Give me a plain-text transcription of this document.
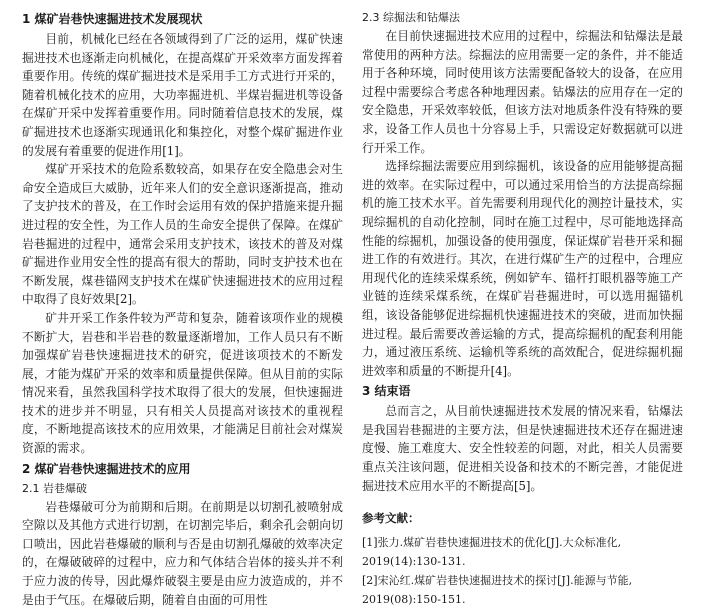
1 煤矿岩巷快速掘进技术发展现状

目前，机械化已经在各领域得到了广泛的运用，煤矿快速掘进技术也逐渐走向机械化，在提高煤矿开采效率方面发挥着重要作用。传统的煤矿掘进技术是采用手工方式进行开采的，随着机械化技术的应用，大功率掘进机、半煤岩掘进机等设备在煤矿开采中发挥着重要作用。同时随着信息技术的发展，煤矿掘进技术也逐渐实现通讯化和集控化，对整个煤矿掘进作业的发展有着重要的促进作用[1]。

煤矿开采技术的危险系数较高，如果存在安全隐患会对生命安全造成巨大威胁，近年来人们的安全意识逐渐提高，推动了支护技术的普及，在工作时会运用有效的保护措施来提升掘进过程的安全性，为工作人员的生命安全提供了保障。在煤矿岩巷掘进的过程中，通常会采用支护技术，该技术的普及对煤矿掘进作业用安全性的提高有很大的帮助，同时支护技术也在不断发展，煤巷锚网支护技术在煤矿快速掘进技术的应用过程中取得了良好效果[2]。

矿井开采工作条件较为严苛和复杂，随着该项作业的规模不断扩大，岩巷和半岩巷的数量逐渐增加，工作人员只有不断加强煤矿岩巷快速掘进技术的研究，促进该项技术的不断发展，才能为煤矿开采的效率和质量提供保障。但从目前的实际情况来看，虽然我国科学技术取得了很大的发展，但快速掘进技术的进步并不明显，只有相关人员提高对该技术的重视程度，不断地提高该技术的应用效果，才能满足目前社会对煤炭资源的需求。

2 煤矿岩巷快速掘进技术的应用
2.1 岩巷爆破

岩巷爆破可分为前期和后期。在前期是以切割孔被喷射成空隙以及其他方式进行切割，在切割完毕后，剩余孔会朝向切口喷出，因此岩巷爆破的顺利与否是由切割孔爆破的效率决定的，在爆破破碎的过程中，应力和气体结合岩体的接头并不利于应力波的传导，因此爆炸破裂主要是由应力波造成的，并不是由于气压。在爆破后期，随着自由面的可用性

2.3 综掘法和钻爆法

在目前快速掘进技术应用的过程中，综掘法和钻爆法是最常使用的两种方法。综掘法的应用需要一定的条件，并不能适用于各种环境，同时使用该方法需要配备较大的设备，在应用过程中需要综合考虑各种地理因素。钻爆法的应用存在一定的安全隐患，开采效率较低，但该方法对地质条件没有特殊的要求，设备工作人员也十分容易上手，只需设定好数据就可以进行开采工作。

选择综掘法需要应用到综掘机，该设备的应用能够提高掘进的效率。在实际过程中，可以通过采用恰当的方法提高综掘机的施工技术水平。首先需要利用现代化的测控计量技术，实现综掘机的自动化控制，同时在施工过程中，尽可能地选择高性能的综掘机，加强设备的使用强度，保证煤矿岩巷开采和掘进工作的有效进行。其次，在进行煤矿生产的过程中，合理应用现代化的连续采煤系统，例如铲车、锚杆打眼机器等施工产业链的连续采煤系统，在煤矿岩巷掘进时，可以选用掘锚机组，该设备能够促进综掘机快速掘进技术的突破，进而加快掘进过程。最后需要改善运输的方式，提高综掘机的配套利用能力，通过液压系统、运输机等系统的高效配合，促进综掘机掘进效率和质量的不断提升[4]。

3 结束语

总而言之，从目前快速掘进技术发展的情况来看，钻爆法是我国岩巷掘进的主要方法，但是快速掘进技术还存在掘进速度慢、施工难度大、安全性较差的问题，对此，相关人员需要重点关注该问题，促进相关设备和技术的不断完善，才能促进掘进技术应用水平的不断提高[5]。

参考文献：

[1]张力.煤矿岩巷快速掘进技术的优化[J].大众标准化,

2019(14):130-131.

[2]宋沁红.煤矿岩巷快速掘进技术的探讨[J].能源与节能,

2019(08):150-151.
